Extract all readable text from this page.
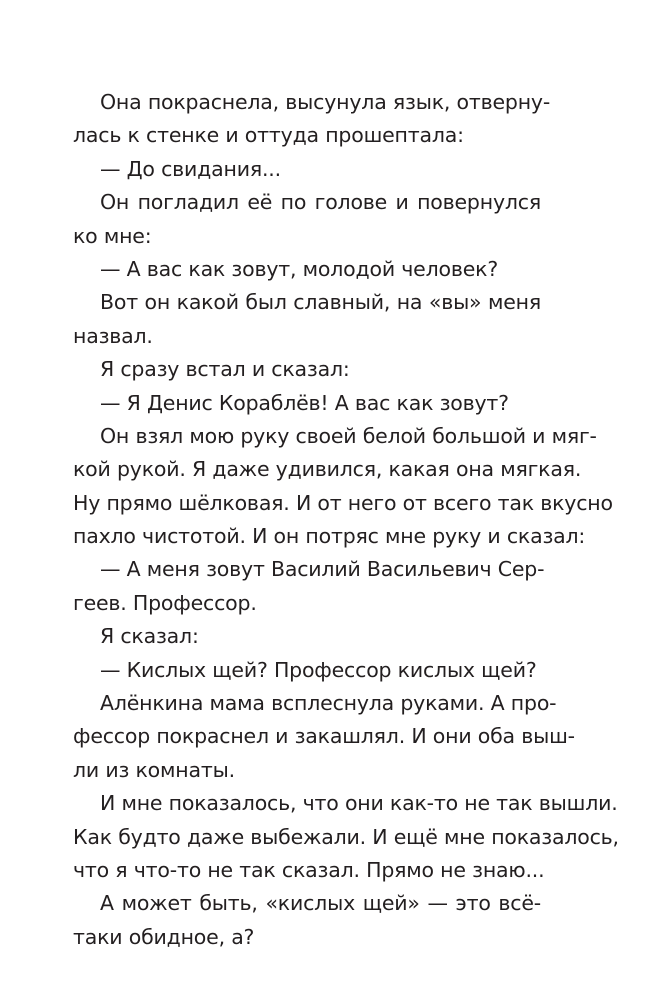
Она покраснела, высунула язык, отверну-
лась к стенке и оттуда прошептала:
— До свидания...
Он погладил её по голове и повернулся
ко мне:
— А вас как зовут, молодой человек?
Вот он какой был славный, на «вы» меня
назвал.
Я сразу встал и сказал:
— Я Денис Кораблёв! А вас как зовут?
Он взял мою руку своей белой большой и мяг-
кой рукой. Я даже удивился, какая она мягкая.
Ну прямо шёлковая. И от него от всего так вкусно
пахло чистотой. И он потряс мне руку и сказал:
— А меня зовут Василий Васильевич Сер-
геев. Профессор.
Я сказал:
— Кислых щей? Профессор кислых щей?
Алёнкина мама всплеснула руками. А про-
фессор покраснел и закашлял. И они оба выш-
ли из комнаты.
И мне показалось, что они как-то не так вышли.
Как будто даже выбежали. И ещё мне показалось,
что я что-то не так сказал. Прямо не знаю...
А может быть, «кислых щей» — это всё-
таки обидное, а?
